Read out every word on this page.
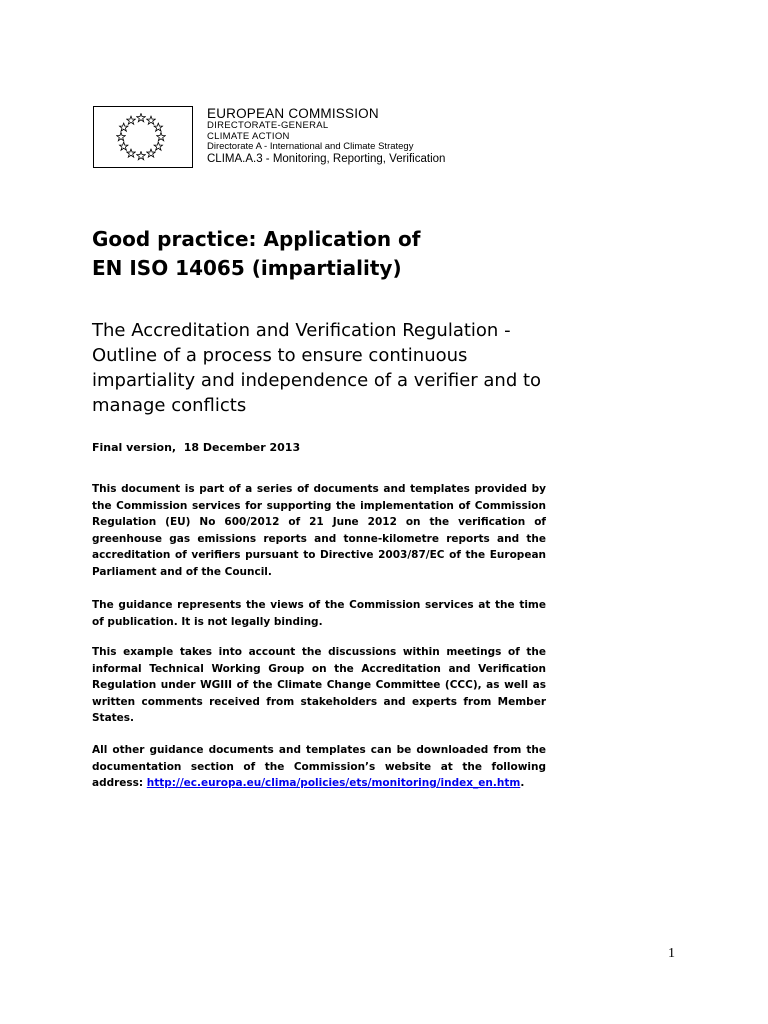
EUROPEAN COMMISSION
DIRECTORATE-GENERAL
CLIMATE ACTION
Directorate A - International and Climate Strategy
CLIMA.A.3 - Monitoring, Reporting, Verification
Good practice: Application of
EN ISO 14065 (impartiality)
The Accreditation and Verification Regulation - Outline of a process to ensure continuous impartiality and independence of a verifier and to manage conflicts

Final version,  18 December 2013

This document is part of a series of documents and templates provided by the Commission services for supporting the implementation of Commission Regulation (EU) No 600/2012 of 21 June 2012 on the verification of greenhouse gas emissions reports and tonne-kilometre reports and the accreditation of verifiers pursuant to Directive 2003/87/EC of the European Parliament and of the Council.

The guidance represents the views of the Commission services at the time of publication. It is not legally binding.

This example takes into account the discussions within meetings of the informal Technical Working Group on the Accreditation and Verification Regulation under WGIII of the Climate Change Committee (CCC), as well as written comments received from stakeholders and experts from Member States.

All other guidance documents and templates can be downloaded from the documentation section of the Commission’s website at the following address: http://ec.europa.eu/clima/policies/ets/monitoring/index_en.htm.

1
